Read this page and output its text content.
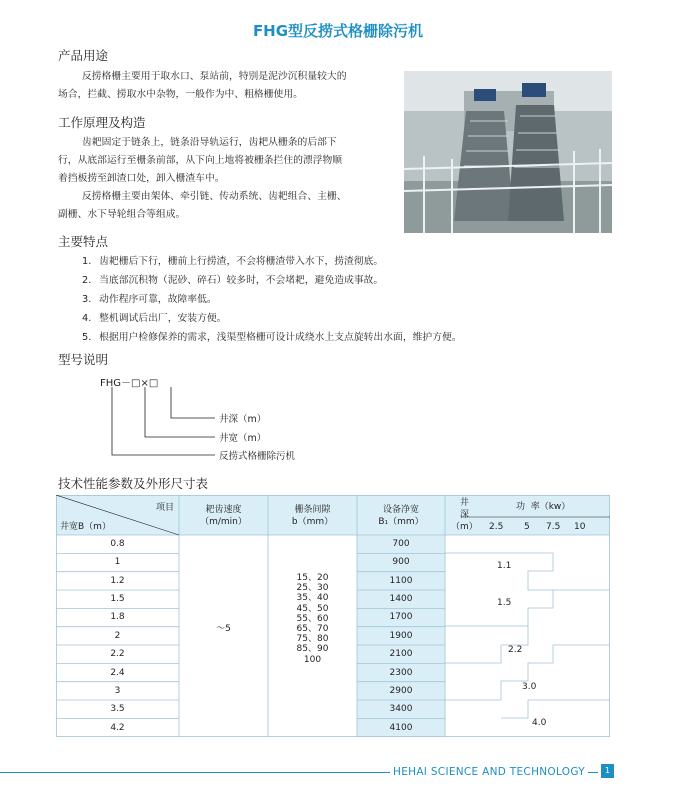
FHG型反捞式格栅除污机
产品用途
反捞格栅主要用于取水口、泵站前，特别是泥沙沉积量较大的
场合，拦截、捞取水中杂物，一般作为中、粗格栅使用。
工作原理及构造
齿耙固定于链条上，链条沿导轨运行，齿耙从栅条的后部下
行，从底部运行至栅条前部，从下向上地将被栅条拦住的漂浮物顺
着挡板捞至卸渣口处，卸入栅渣车中。
反捞格栅主要由架体、牵引链、传动系统、齿耙组合、主栅、
副栅、水下导轮组合等组成。
主要特点
1. 齿耙栅后下行，栅前上行捞渣，不会将栅渣带入水下，捞渣彻底。
2. 当底部沉积物（泥砂、碎石）较多时，不会堵耙，避免造成事故。
3. 动作程序可靠，故障率低。
4. 整机调试后出厂，安装方便。
5. 根据用户检修保养的需求，浅渠型格栅可设计成绕水上支点旋转出水面，维护方便。
型号说明
FHG－□×□
井深（m）
井宽（m）
反捞式格栅除污机
技术性能参数及外形尺寸表
项目
井宽B（m）
耙齿速度
（m/min）
栅条间隙
b（mm）
设备净宽
B₁（mm）
井
深
（m）
功  率（kw）
2.5 5 7.5 10
0.8
1
1.2
1.5
1.8
2
2.2
2.4
3
3.5
4.2
700
900
1100
1400
1700
1900
2100
2300
2900
3400
4100
～5
15、20
25、30
35、40
45、50
55、60
65、70
75、80
85、90
100
1.1
1.5
2.2
3.0
4.0
HEHAI SCIENCE AND TECHNOLOGY	1
